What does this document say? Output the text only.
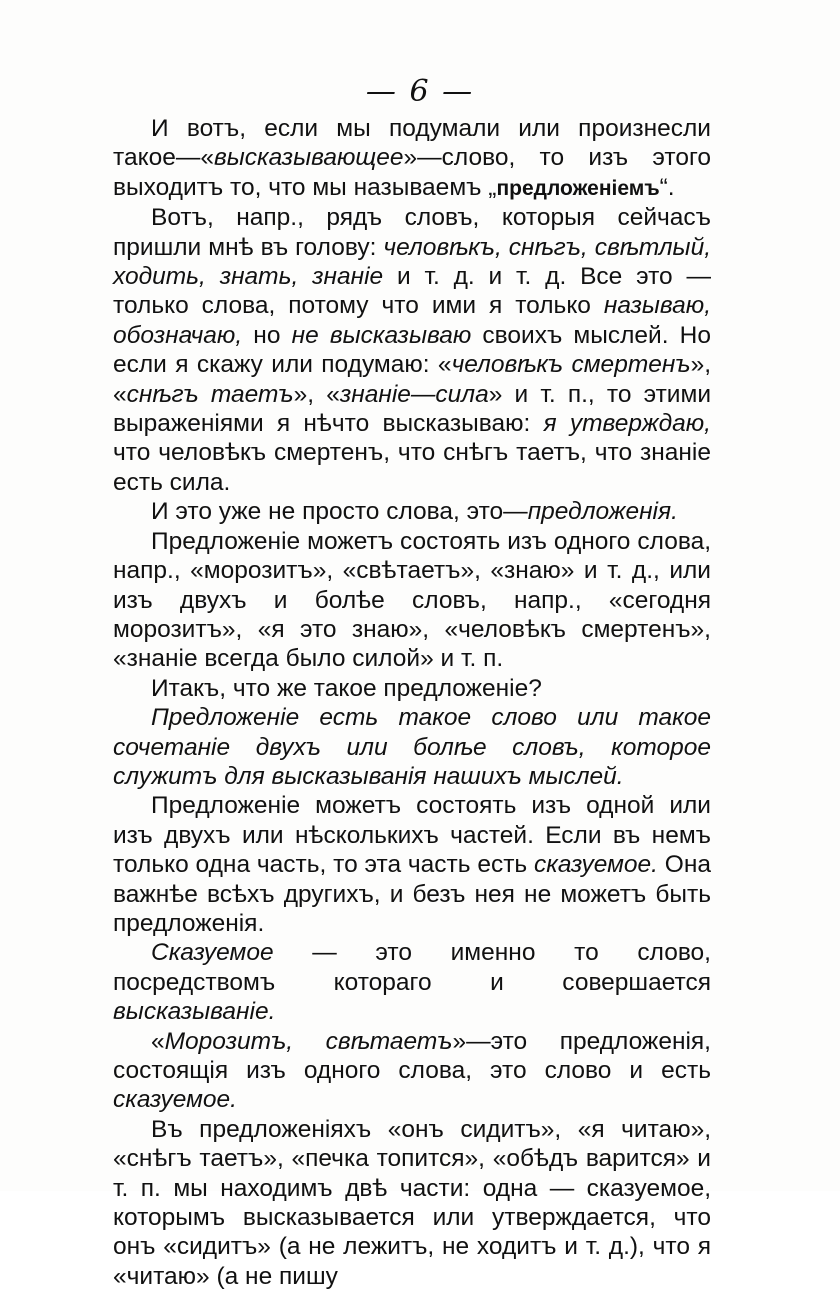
— 6 —

И вотъ, если мы подумали или произнесли такое—«высказывающее»—слово, то изъ этого выходитъ то, что мы называемъ „предложеніемъ“.

Вотъ, напр., рядъ словъ, которыя сейчасъ пришли мнѣ въ голову: человѣкъ, снѣгъ, свѣтлый, ходить, знать, знаніе и т. д. и т. д. Все это — только слова, потому что ими я только называю, обозначаю, но не высказываю своихъ мыслей. Но если я скажу или подумаю: «человѣкъ смертенъ», «снѣгъ таетъ», «знаніе—сила» и т. п., то этими выраженіями я нѣчто высказываю: я утверждаю, что человѣкъ смертенъ, что снѣгъ таетъ, что знаніе есть сила.

И это уже не просто слова, это—предложенія.

Предложеніе можетъ состоять изъ одного слова, напр., «морозитъ», «свѣтаетъ», «знаю» и т. д., или изъ двухъ и болѣе словъ, напр., «сегодня морозитъ», «я это знаю», «человѣкъ смертенъ», «знаніе всегда было силой» и т. п.

Итакъ, что же такое предложеніе?

Предложеніе есть такое слово или такое сочетаніе двухъ или болѣе словъ, которое служитъ для высказыванія нашихъ мыслей.

Предложеніе можетъ состоять изъ одной или изъ двухъ или нѣсколькихъ частей. Если въ немъ только одна часть, то эта часть есть сказуемое. Она важнѣе всѣхъ другихъ, и безъ нея не можетъ быть предложенія.

Сказуемое — это именно то слово, посредствомъ котораго и совершается высказываніе.

«Морозитъ, свѣтаетъ»—это предложенія, состоящія изъ одного слова, это слово и есть сказуемое.

Въ предложеніяхъ «онъ сидитъ», «я читаю», «снѣгъ таетъ», «печка топится», «обѣдъ варится» и т. п. мы находимъ двѣ части: одна — сказуемое, которымъ высказывается или утверждается, что онъ «сидитъ» (а не лежитъ, не ходитъ и т. д.), что я «читаю» (а не пишу
